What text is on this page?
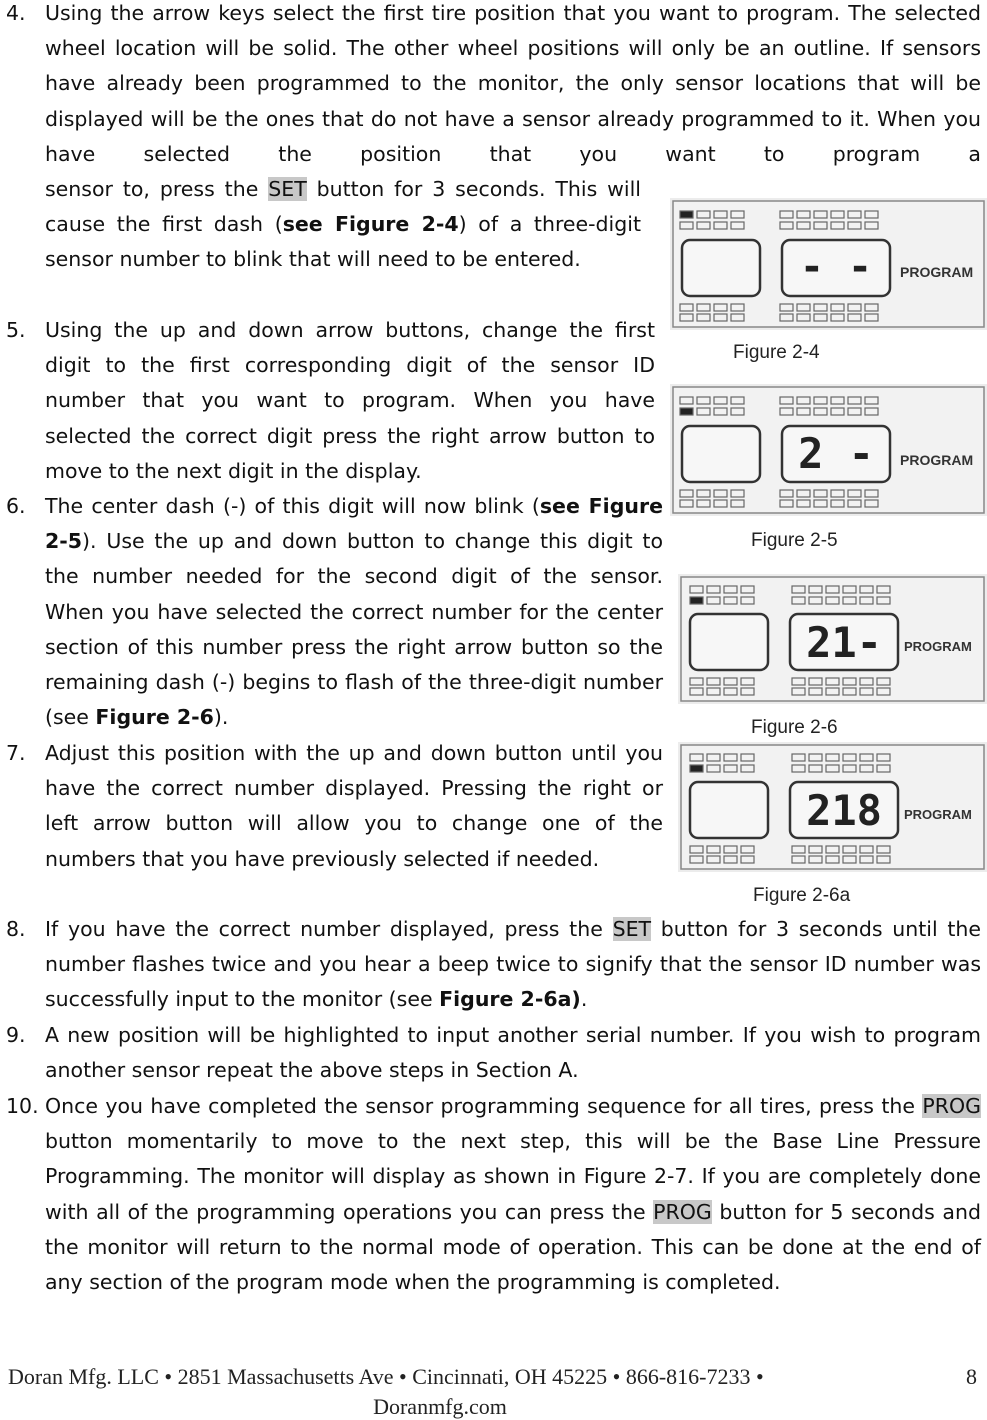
4. Using the arrow keys select the first tire position that you want to program. The selected wheel location will be solid. The other wheel positions will only be an outline. If sensors have already been programmed to the monitor, the only sensor locations that will be displayed will be the ones that do not have a sensor already programmed to it. When you have selected the position that you want to program a

sensor to, press the SET button for 3 seconds. This will cause the first dash (see Figure 2-4) of a three-digit sensor number to blink that will need to be entered.

5. Using the up and down arrow buttons, change the first digit to the first corresponding digit of the sensor ID number that you want to program. When you have selected the correct digit press the right arrow button to move to the next digit in the display.

6. The center dash (-) of this digit will now blink (see Figure 2-5). Use the up and down button to change this digit to the number needed for the second digit of the sensor. When you have selected the correct number for the center section of this number press the right arrow button so the remaining dash (-) begins to flash of the three-digit number (see Figure 2-6).

7. Adjust this position with the up and down button until you have the correct number displayed. Pressing the right or left arrow button will allow you to change one of the numbers that you have previously selected if needed.

8. If you have the correct number displayed, press the SET button for 3 seconds until the number flashes twice and you hear a beep twice to signify that the sensor ID number was successfully input to the monitor (see Figure 2-6a).

9. A new position will be highlighted to input another serial number. If you wish to program another sensor repeat the above steps in Section A.

10. Once you have completed the sensor programming sequence for all tires, press the PROG button momentarily to move to the next step, this will be the Base Line Pressure Programming. The monitor will display as shown in Figure 2-7. If you are completely done with all of the programming operations you can press the PROG button for 5 seconds and the monitor will return to the normal mode of operation. This can be done at the end of any section of the program mode when the programming is completed.

- - PROGRAM
Figure 2-4
2 - PROGRAM
Figure 2-5
21- PROGRAM
Figure 2-6
218 PROGRAM
Figure 2-6a
Doran Mfg. LLC • 2851 Massachusetts Ave • Cincinnati, OH 45225 • 866-816-7233 •
Doranmfg.com
8
